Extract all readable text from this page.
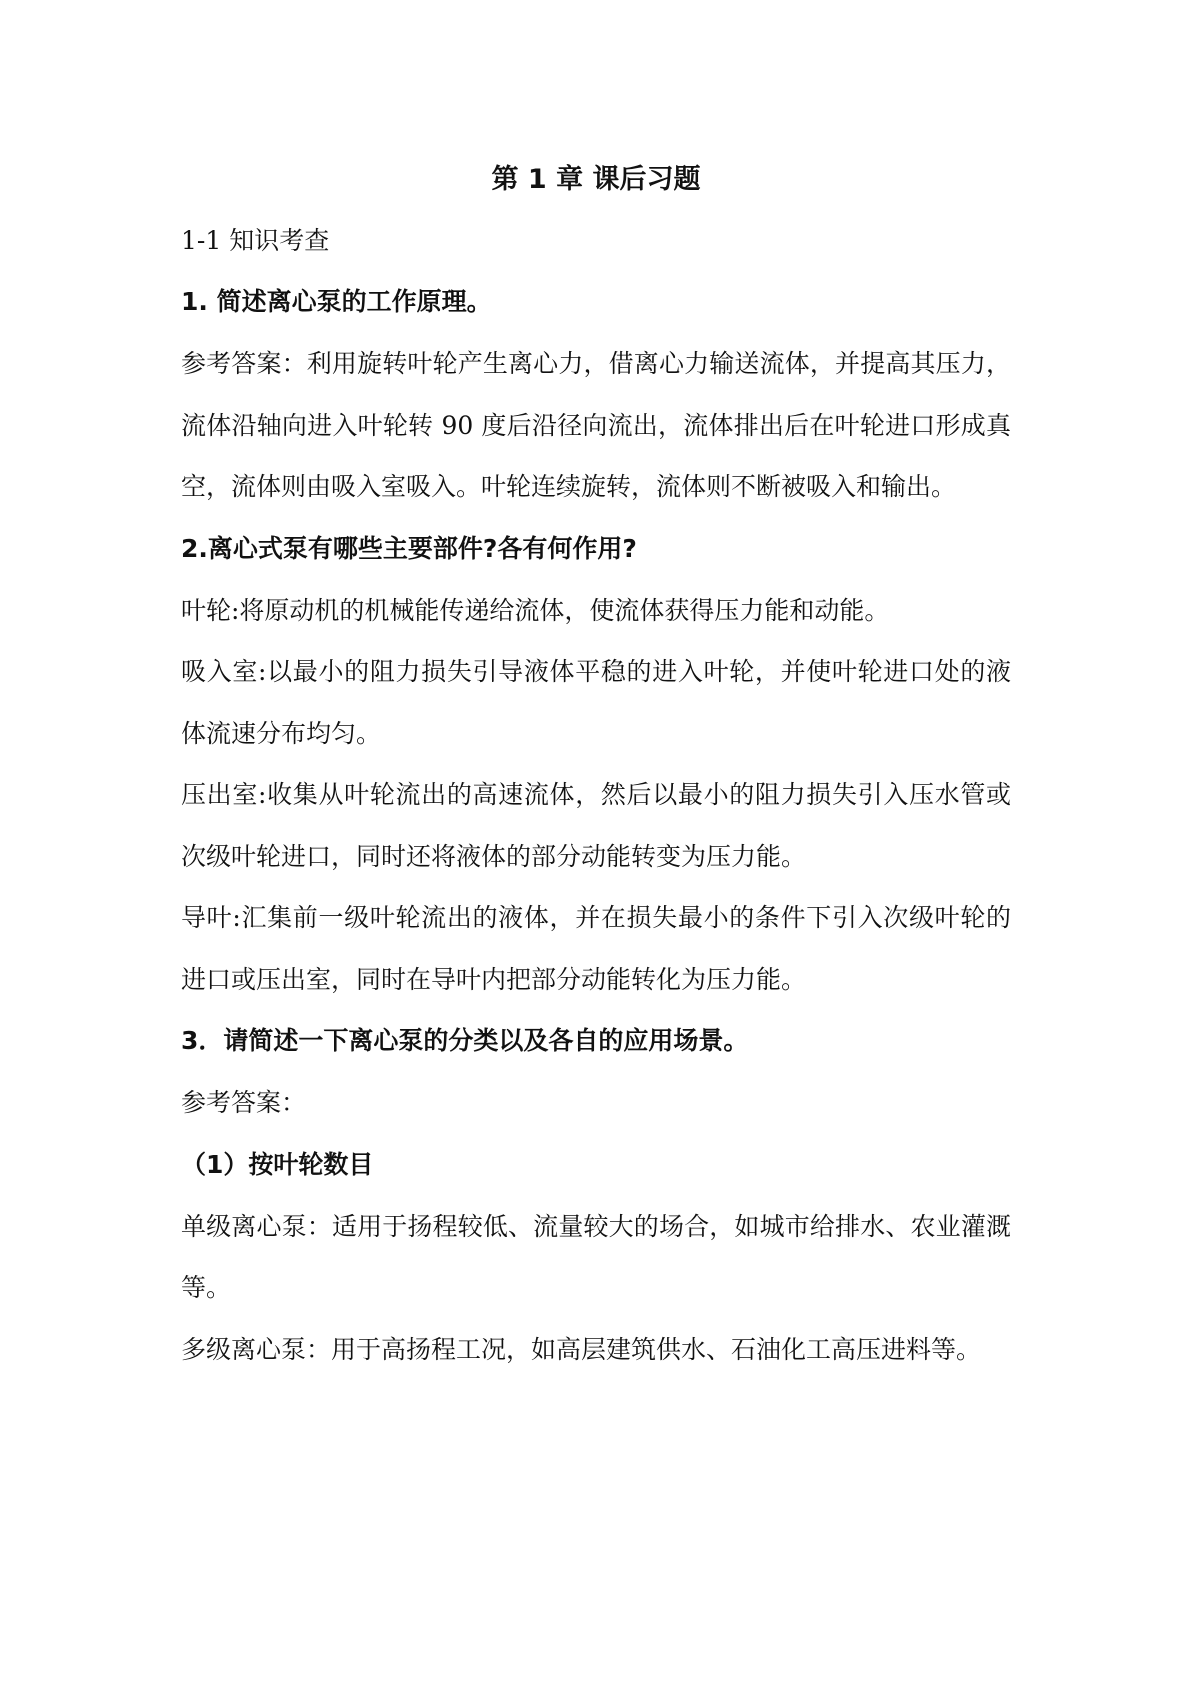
第 1 章 课后习题

1-1 知识考查

1. 简述离心泵的工作原理。

参考答案：利用旋转叶轮产生离心力，借离心力输送流体，并提高其压力，流体沿轴向进入叶轮转 90 度后沿径向流出，流体排出后在叶轮进口形成真空，流体则由吸入室吸入。叶轮连续旋转，流体则不断被吸入和输出。

2.离心式泵有哪些主要部件?各有何作用?

叶轮:将原动机的机械能传递给流体，使流体获得压力能和动能。

吸入室:以最小的阻力损失引导液体平稳的进入叶轮，并使叶轮进口处的液体流速分布均匀。

压出室:收集从叶轮流出的高速流体，然后以最小的阻力损失引入压水管或次级叶轮进口，同时还将液体的部分动能转变为压力能。

导叶:汇集前一级叶轮流出的液体，并在损失最小的条件下引入次级叶轮的进口或压出室，同时在导叶内把部分动能转化为压力能。

3．请简述一下离心泵的分类以及各自的应用场景。

参考答案：

（1）按叶轮数目

单级离心泵：适用于扬程较低、流量较大的场合，如城市给排水、农业灌溉等。

多级离心泵：用于高扬程工况，如高层建筑供水、石油化工高压进料等。
